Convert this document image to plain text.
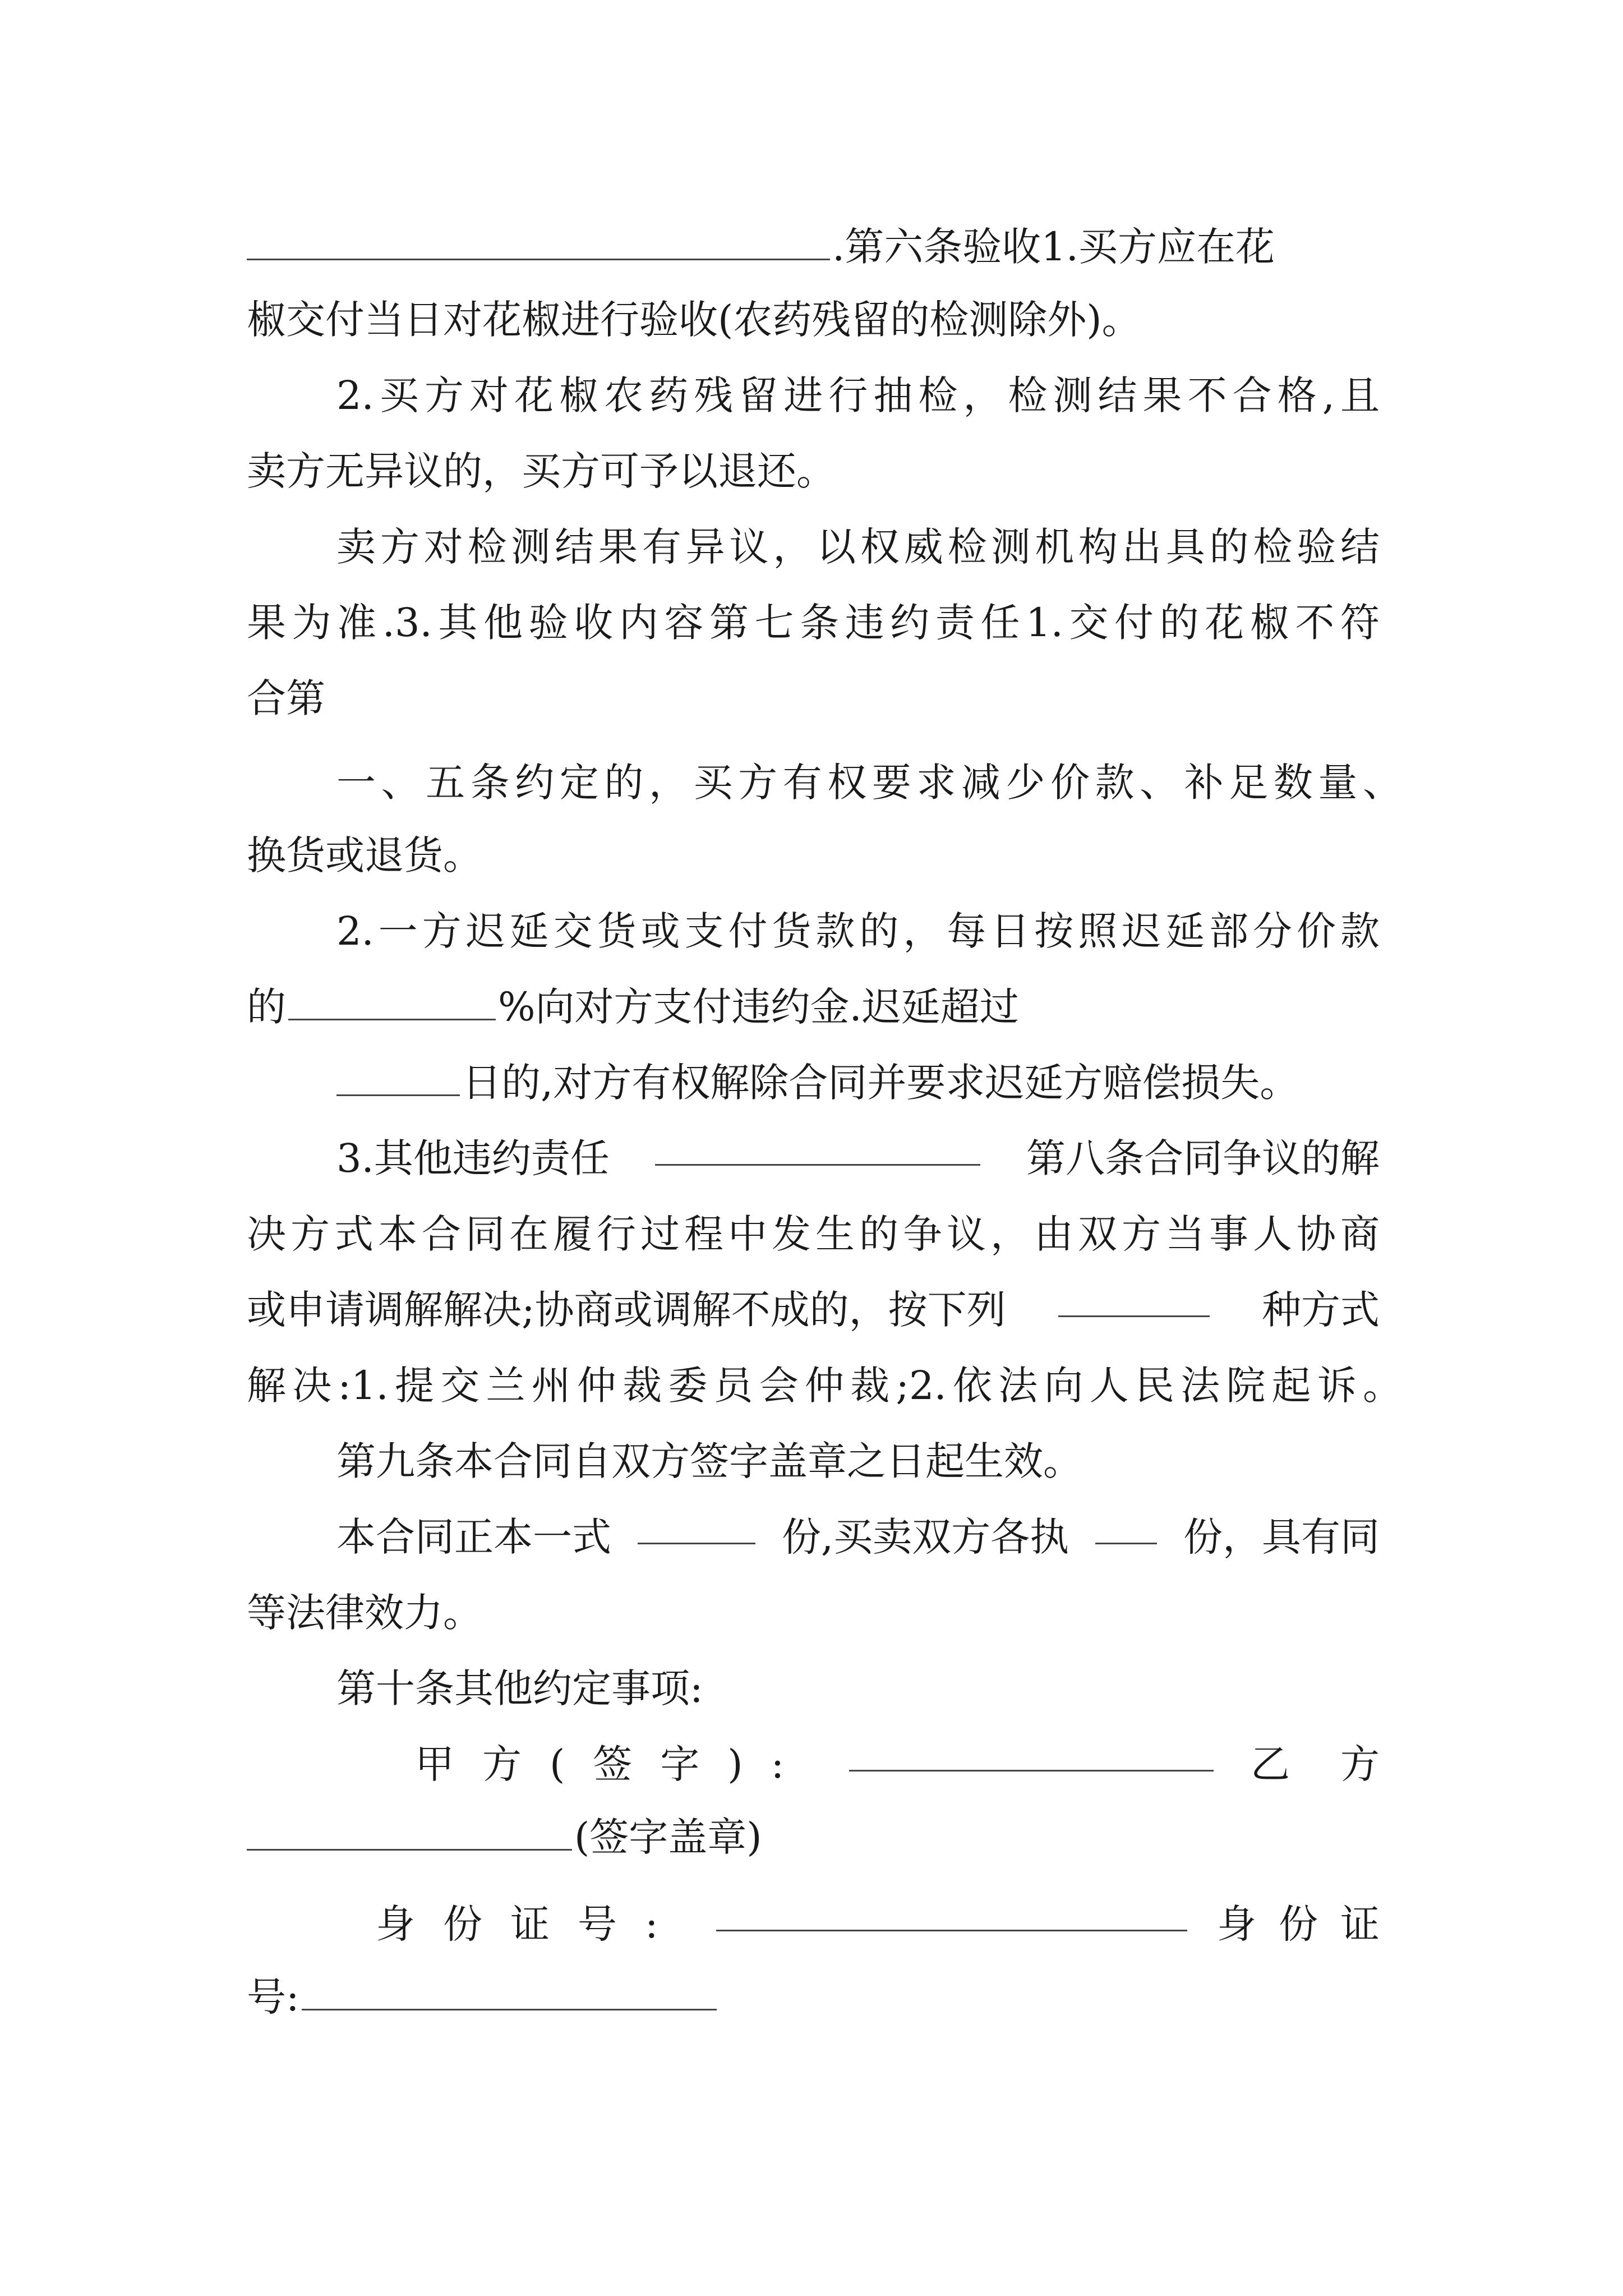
.第六条验收1.买方应在花
椒交付当日对花椒进行验收(农药残留的检测除外)。
2.买方对花椒农药残留进行抽检，检测结果不合格,且
卖方无异议的，买方可予以退还。
卖方对检测结果有异议，以权威检测机构出具的检验结
果为准.3.其他验收内容第七条违约责任1.交付的花椒不符
合第
一、五条约定的，买方有权要求减少价款、补足数量、
换货或退货。
2.一方迟延交货或支付货款的，每日按照迟延部分价款
的	%向对方支付违约金.迟延超过
日的,对方有权解除合同并要求迟延方赔偿损失。
3.其他违约责任	第八条合同争议的解
决方式本合同在履行过程中发生的争议，由双方当事人协商
或申请调解解决;协商或调解不成的，按下列	种方式
解决:1.提交兰州仲裁委员会仲裁;2.依法向人民法院起诉。
第九条本合同自双方签字盖章之日起生效。
本合同正本一式	份,买卖双方各执	份，具有同
等法律效力。
第十条其他约定事项:
甲方(签字):	乙方
(签字盖章)
身份证号:	身份证
号:
